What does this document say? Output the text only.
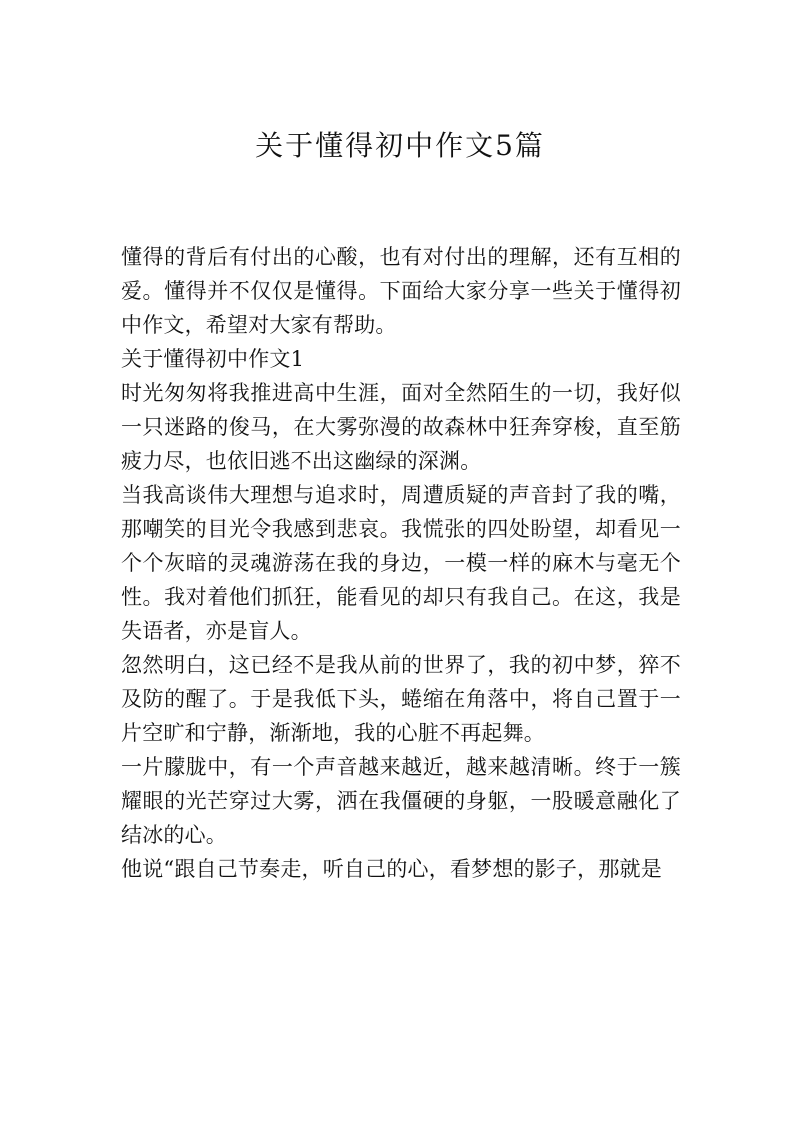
关于懂得初中作文5篇

懂得的背后有付出的心酸，也有对付出的理解，还有互相的爱。懂得并不仅仅是懂得。下面给大家分享一些关于懂得初中作文，希望对大家有帮助。

关于懂得初中作文1

时光匆匆将我推进高中生涯，面对全然陌生的一切，我好似一只迷路的俊马，在大雾弥漫的故森林中狂奔穿梭，直至筋疲力尽，也依旧逃不出这幽绿的深渊。

当我高谈伟大理想与追求时，周遭质疑的声音封了我的嘴，那嘲笑的目光令我感到悲哀。我慌张的四处盼望，却看见一个个灰暗的灵魂游荡在我的身边，一模一样的麻木与毫无个性。我对着他们抓狂，能看见的却只有我自己。在这，我是失语者，亦是盲人。

忽然明白，这已经不是我从前的世界了，我的初中梦，猝不及防的醒了。于是我低下头，蜷缩在角落中，将自己置于一片空旷和宁静，渐渐地，我的心脏不再起舞。

一片朦胧中，有一个声音越来越近，越来越清晰。终于一簇耀眼的光芒穿过大雾，洒在我僵硬的身躯，一股暖意融化了结冰的心。

他说“跟自己节奏走，听自己的心，看梦想的影子，那就是
